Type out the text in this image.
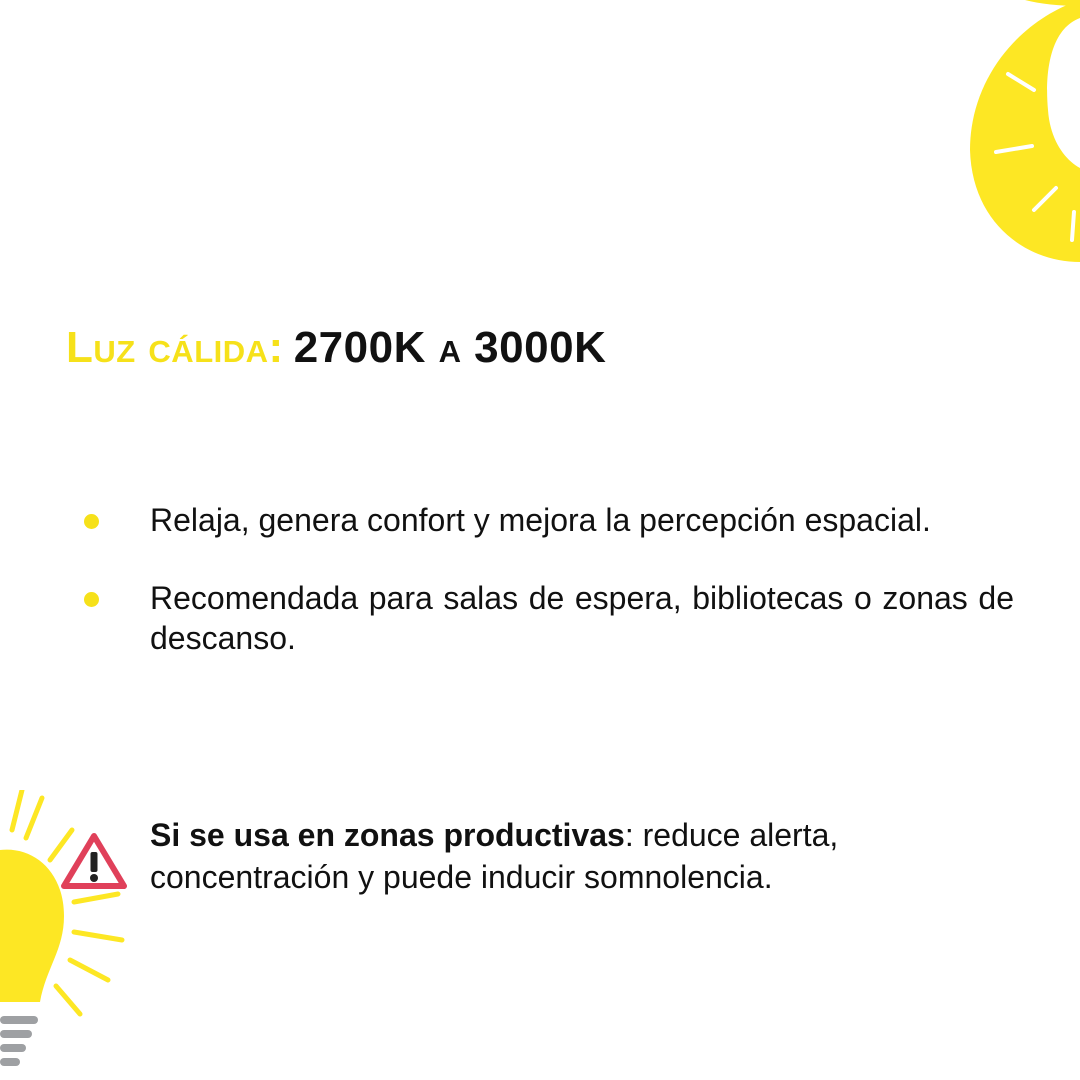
Luz cálida: 2700K a 3000K
Relaja, genera confort y mejora la percepción espacial.
Recomendada para salas de espera, bibliotecas o zonas de descanso.

Si se usa en zonas productivas: reduce alerta, concentración y puede inducir somnolencia.
